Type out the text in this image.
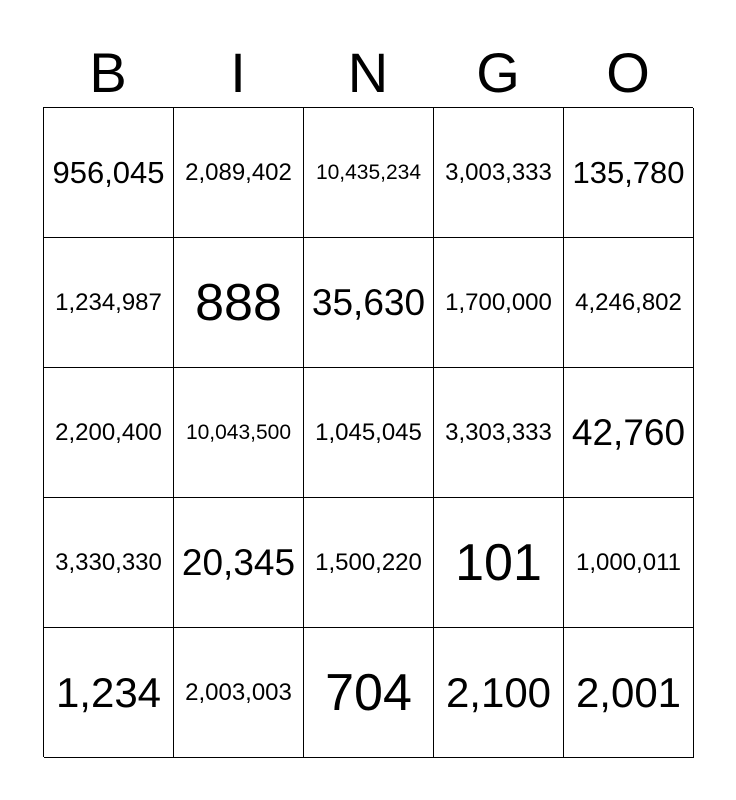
B	I	N	G	O
956,045 2,089,402	10,435,234	3,003,333 135,780
1,234,987 888 35,630 1,700,000 4,246,802
2,200,400	10,043,500	1,045,045 3,303,333 42,760
3,330,330 20,345 1,500,220 101	1,000,011
1,234	2,003,003 704 2,100 2,001
